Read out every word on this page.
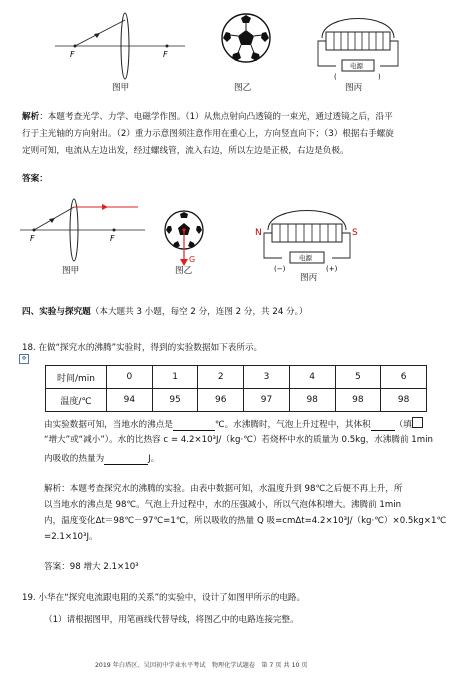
F	F
图甲	图乙
电源
(	)
图丙
解析：本题考查光学、力学、电磁学作图。（1）从焦点射向凸透镜的一束光，通过透镜之后，沿平
行于主光轴的方向射出。（2）重力示意图须注意作用在重心上，方向竖直向下；（3）根据右手螺旋
定则可知，电流从左边出发，经过螺线管，流入右边，所以左边是正极，右边是负极。
答案：
F	F
图甲
G
图乙
N	S
电源
(−)	(+)
图丙
四、实验与探究题（本大题共 3 小题，每空 2 分，连图 2 分，共 24 分。）
18. 在做“探究水的沸腾”实验时，得到的实验数据如下表所示。
✥
时间/min	0	1	2	3	4	5	6
温度/℃	94	95	96	97	98	98	98
由实验数据可知，当地水的沸点是	℃。水沸腾时，气泡上升过程中，其体积	（填
“增大”或“减小”）。水的比热容 c = 4.2×10³J/（kg·℃）若烧杯中水的质量为 0.5kg，水沸腾前 1min
内吸收的热量为	J。
解析：本题考查探究水的沸腾的实验。由表中数据可知，水温度升到 98℃之后便不再上升，所
以当地水的沸点是 98℃。气泡上升过程中，水的压强减小，所以气泡体积增大。沸腾前 1min
内，温度变化Δt＝98℃－97℃=1℃，所以吸收的热量 Q 吸=cmΔt=4.2×10³J/（kg·℃）×0.5kg×1℃
=2.1×10³J。
答案：98 增大 2.1×10³
19. 小华在“探究电流跟电阻的关系”的实验中，设计了如图甲所示的电路。
（1）请根据图甲，用笔画线代替导线，将图乙中的电路连接完整。
2019 年白塔区、吴因初中学业水平考试　物理化学试题卷　第 7 页 共 10 页
